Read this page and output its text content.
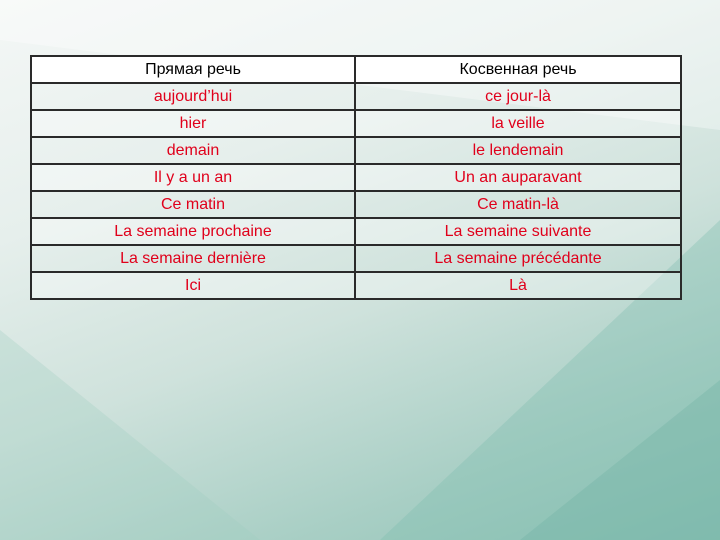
Прямая речь	Косвенная речь
aujourd’hui	ce jour-là
hier	la veille
demain	le lendemain
Il y a un an	Un an auparavant
Ce matin	Ce matin-là
La semaine prochaine	La semaine suivante
La semaine dernière	La semaine précédante
Ici	Là
